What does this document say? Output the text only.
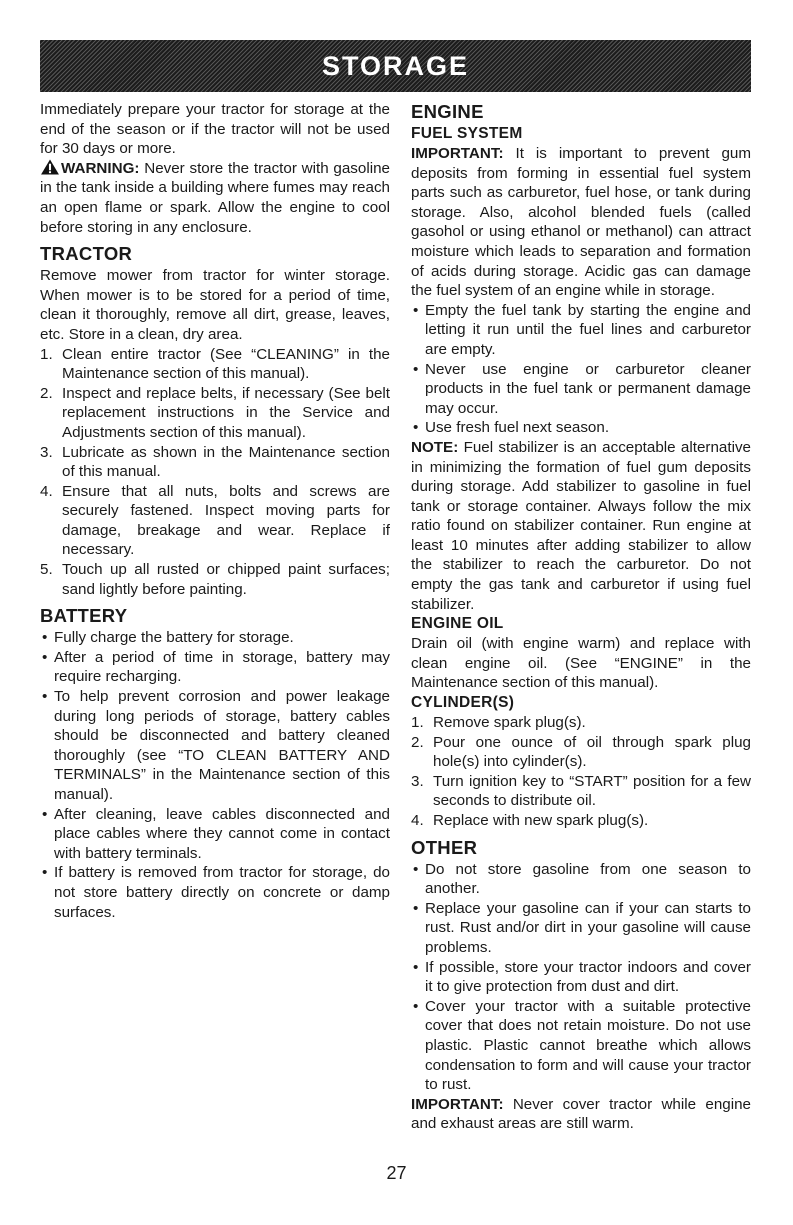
STORAGE

Immediately prepare your tractor for storage at the end of the season or if the tractor will not be used for 30 days or more.

WARNING: Never store the tractor with gasoline in the tank inside a building where fumes may reach an open flame or spark. Allow the engine to cool before storing in any enclosure.

TRACTOR

Remove mower from tractor for winter storage. When mower is to be stored for a period of time, clean it thoroughly, remove all dirt, grease, leaves, etc. Store in a clean, dry area.

1. Clean entire tractor (See “CLEANING” in the Maintenance section of this manual).
2. Inspect and replace belts, if necessary (See belt replacement instructions in the Service and Adjustments section of this manual).
3. Lubricate as shown in the Maintenance section of this manual.
4. Ensure that all nuts, bolts and screws are securely fastened. Inspect moving parts for damage, breakage and wear. Replace if necessary.
5. Touch up all rusted or chipped paint surfaces; sand lightly before painting.
BATTERY
• Fully charge the battery for storage.
• After a period of time in storage, battery may require recharging.
• To help prevent corrosion and power leakage during long periods of storage, battery cables should be disconnected and battery cleaned thoroughly (see “TO CLEAN BATTERY AND TERMINALS” in the Maintenance section of this manual).
• After cleaning, leave cables disconnected and place cables where they cannot come in contact with battery terminals.
• If battery is removed from tractor for storage, do not store battery directly on concrete or damp surfaces.
ENGINE
FUEL SYSTEM

IMPORTANT: It is important to prevent gum deposits from forming in essential fuel system parts such as carburetor, fuel hose, or tank during storage. Also, alcohol blended fuels (called gasohol or using ethanol or methanol) can attract moisture which leads to separation and formation of acids during storage. Acidic gas can damage the fuel system of an engine while in storage.

• Empty the fuel tank by starting the engine and letting it run until the fuel lines and carburetor are empty.
• Never use engine or carburetor cleaner products in the fuel tank or permanent damage may occur.
• Use fresh fuel next season.

NOTE: Fuel stabilizer is an acceptable alternative in minimizing the formation of fuel gum deposits during storage. Add stabilizer to gasoline in fuel tank or storage container. Always follow the mix ratio found on stabilizer container. Run engine at least 10 minutes after adding stabilizer to allow the stabilizer to reach the carburetor. Do not empty the gas tank and carburetor if using fuel stabilizer.

ENGINE OIL

Drain oil (with engine warm) and replace with clean engine oil. (See “ENGINE” in the Maintenance section of this manual).

CYLINDER(S)
1. Remove spark plug(s).
2. Pour one ounce of oil through spark plug hole(s) into cylinder(s).
3. Turn ignition key to “START” position for a few seconds to distribute oil.
4. Replace with new spark plug(s).
OTHER
• Do not store gasoline from one season to another.
• Replace your gasoline can if your can starts to rust. Rust and/or dirt in your gasoline will cause problems.
• If possible, store your tractor indoors and cover it to give protection from dust and dirt.
• Cover your tractor with a suitable protective cover that does not retain moisture. Do not use plastic. Plastic cannot breathe which allows condensation to form and will cause your tractor to rust.

IMPORTANT: Never cover tractor while engine and exhaust areas are still warm.

27
